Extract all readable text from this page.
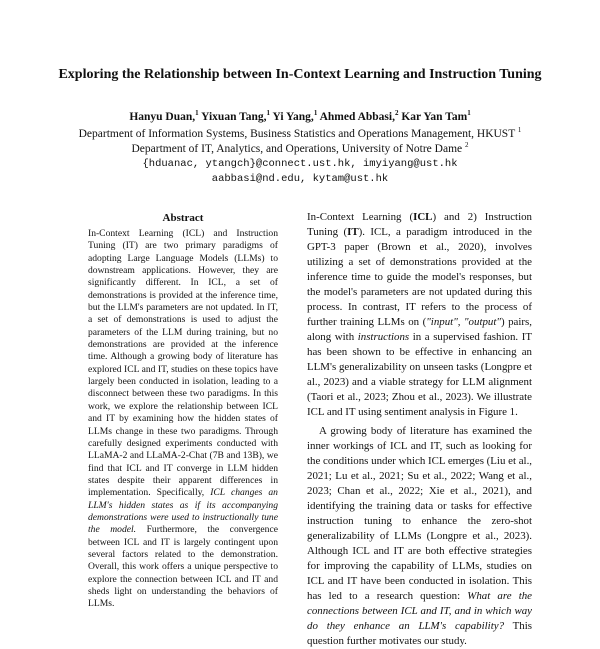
Exploring the Relationship between In-Context Learning and Instruction Tuning
Hanyu Duan,$^1$ Yixuan Tang,$^1$ Yi Yang,$^1$ Ahmed Abbasi,$^2$ Kar Yan Tam$^1$
Department of Information Systems, Business Statistics and Operations Management, HKUST $^1$
Department of IT, Analytics, and Operations, University of Notre Dame $^2$
{hduanac, ytangch}@connect.ust.hk, imyiyang@ust.hk
aabbasi@nd.edu, kytam@ust.hk
Abstract

In-Context Learning (ICL) and Instruction Tuning (IT) are two primary paradigms of adopting Large Language Models (LLMs) to downstream applications. However, they are significantly different. In ICL, a set of demonstrations is provided at the inference time, but the LLM's parameters are not updated. In IT, a set of demonstrations is used to adjust the parameters of the LLM during training, but no demonstrations are provided at the inference time. Although a growing body of literature has explored ICL and IT, studies on these topics have largely been conducted in isolation, leading to a disconnect between these two paradigms. In this work, we explore the relationship between ICL and IT by examining how the hidden states of LLMs change in these two paradigms. Through carefully designed experiments conducted with LLaMA-2 and LLaMA-2-Chat (7B and 13B), we find that ICL and IT converge in LLM hidden states despite their apparent differences in implementation. Specifically, ICL changes an LLM's hidden states as if its accompanying demonstrations were used to instructionally tune the model. Furthermore, the convergence between ICL and IT is largely contingent upon several factors related to the demonstration. Overall, this work offers a unique perspective to explore the connection between ICL and IT and sheds light on understanding the behaviors of LLMs.

In-Context Learning (ICL) and 2) Instruction Tuning (IT). ICL, a paradigm introduced in the GPT-3 paper (Brown et al., 2020), involves utilizing a set of demonstrations provided at the inference time to guide the model's responses, but the model's parameters are not updated during this process. In contrast, IT refers to the process of further training LLMs on ("input", "output") pairs, along with instructions in a supervised fashion. IT has been shown to be effective in enhancing an LLM's generalizability on unseen tasks (Longpre et al., 2023) and a viable strategy for LLM alignment (Taori et al., 2023; Zhou et al., 2023). We illustrate ICL and IT using sentiment analysis in Figure 1.

A growing body of literature has examined the inner workings of ICL and IT, such as looking for the conditions under which ICL emerges (Liu et al., 2021; Lu et al., 2021; Su et al., 2022; Wang et al., 2023; Chan et al., 2022; Xie et al., 2021), and identifying the training data or tasks for effective instruction tuning to enhance the zero-shot generalizability of LLMs (Longpre et al., 2023). Although ICL and IT are both effective strategies for improving the capability of LLMs, studies on ICL and IT have been conducted in isolation. This has led to a research question: What are the connections between ICL and IT, and in which way do they enhance an LLM's capability? This question further motivates our study.
